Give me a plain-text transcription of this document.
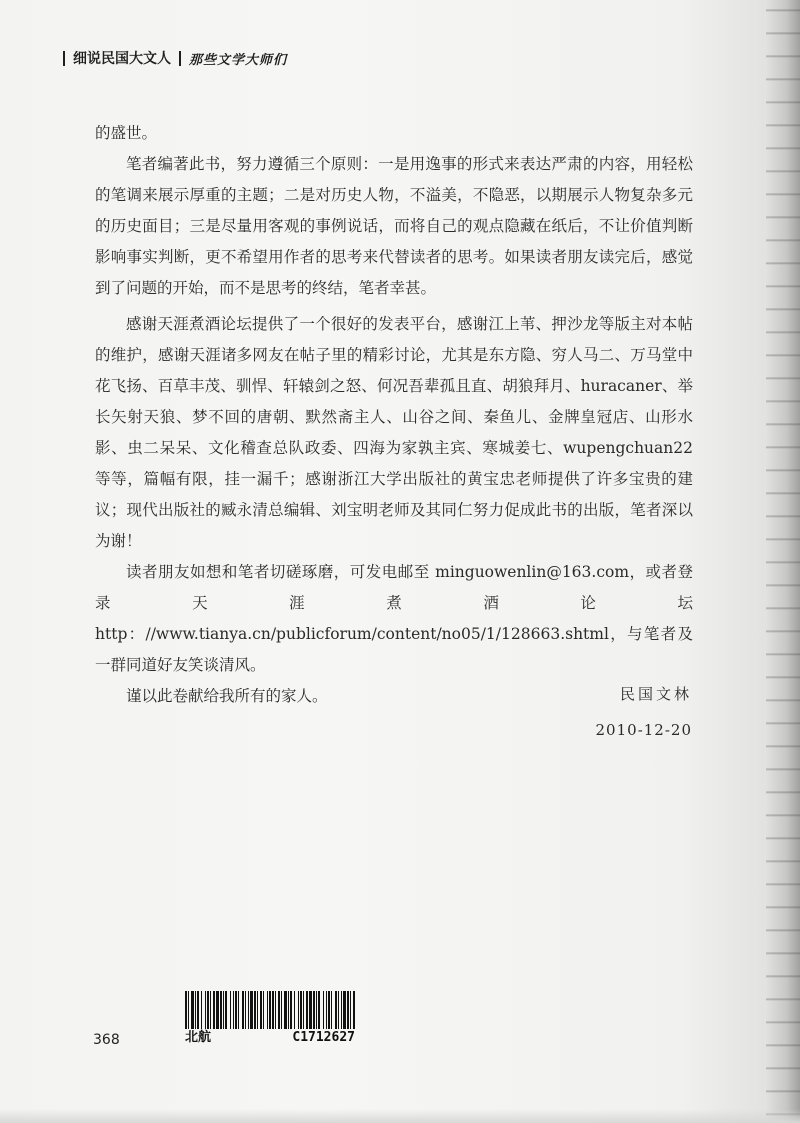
细说民国大文人 那些文学大师们

的盛世。

笔者编著此书，努力遵循三个原则：一是用逸事的形式来表达严肃的内容，用轻松的笔调来展示厚重的主题；二是对历史人物，不溢美，不隐恶，以期展示人物复杂多元的历史面目；三是尽量用客观的事例说话，而将自己的观点隐藏在纸后，不让价值判断影响事实判断，更不希望用作者的思考来代替读者的思考。如果读者朋友读完后，感觉到了问题的开始，而不是思考的终结，笔者幸甚。

感谢天涯煮酒论坛提供了一个很好的发表平台，感谢江上苇、押沙龙等版主对本帖的维护，感谢天涯诸多网友在帖子里的精彩讨论，尤其是东方隐、穷人马二、万马堂中花飞扬、百草丰茂、驯悍、轩辕剑之怒、何况吾辈孤且直、胡狼拜月、huracaner、举长矢射天狼、梦不回的唐朝、默然斋主人、山谷之间、秦鱼儿、金牌皇冠店、山形水影、虫二呆呆、文化稽查总队政委、四海为家孰主宾、寒城姜七、wupengchuan22 等等，篇幅有限，挂一漏千；感谢浙江大学出版社的黄宝忠老师提供了许多宝贵的建议；现代出版社的臧永清总编辑、刘宝明老师及其同仁努力促成此书的出版，笔者深以为谢！

读者朋友如想和笔者切磋琢磨，可发电邮至 minguowenlin@163.com，或者登录天涯煮酒论坛 http：//www.tianya.cn/publicforum/content/no05/1/128663.shtml，与笔者及一群同道好友笑谈清风。

谨以此卷献给我所有的家人。	民国文林
2010-12-20
368	北航	C1712627
